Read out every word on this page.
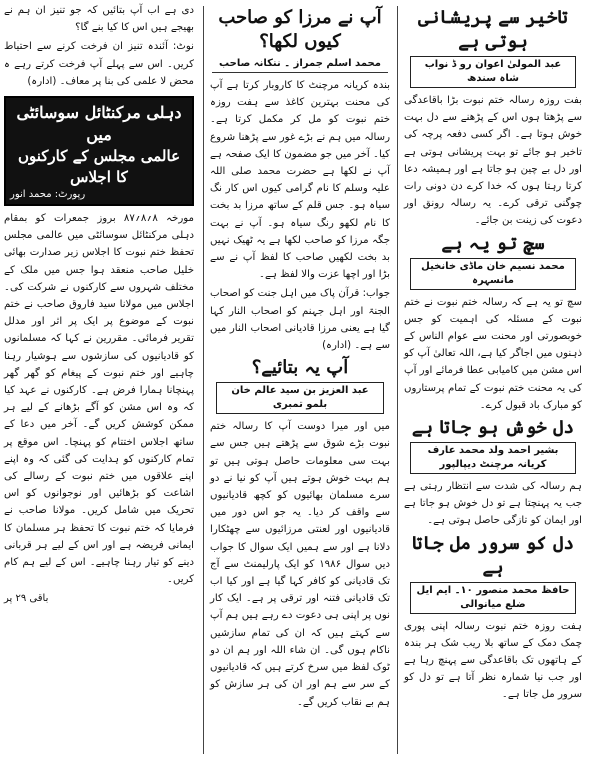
تاخیر سے پریشانی ہوتی ہے
عبد المولیٰ اعوان رو ڈ نواب شاہ سندھ

بفت روزہ رسالہ ختم نبوت بڑا باقاعدگی سے پڑھتا ہوں اس کے پڑھنے سے دل بہت خوش ہوتا ہے۔ اگر کسی دفعہ پرچہ کی تاخیر ہو جائے تو بہت پریشانی ہوتی ہے اور دل بے چین ہو جاتا ہے اور ہمیشہ دعا کرتا رہتا ہوں کہ خدا کرے دن دونی رات چوگنی ترقی کرے۔ یہ رسالہ رونق اور دعوت کی زینت بن جائے۔

سچ تو یہ ہے
محمد نسیم خان ماڈی خانخیل مانسہرہ

سچ تو یہ ہے کہ رسالہ ختم نبوت نے ختم نبوت کے مسئلہ کی اہمیت کو جس خوبصورتی اور محنت سے عوام الناس کے ذہنوں میں اجاگر کیا ہے، اللہ تعالیٰ آپ کو اس مشن میں کامیابی عطا فرمائے اور آپ کی یہ محنت ختم نبوت کے تمام پرستاروں کو مبارک باد قبول کرے۔

دل خوش ہو جاتا ہے
بشیر احمد ولد محمد عارف کریانہ مرچنٹ دیپالپور

ہم رسالہ کی شدت سے انتظار رہتی ہے جب یہ پہنچتا ہے تو دل خوش ہو جاتا ہے اور ایمان کو تازگی حاصل ہوتی ہے۔

دل کو سرور مل جاتا ہے
حافظ محمد منصور ۱۰۔ ایم ایل ضلع میانوالی

ہفت روزہ ختم نبوت رسالہ اپنی پوری چمک دمک کے ساتھ بلا ریب شک ہر بندہ کے ہاتھوں تک باقاعدگی سے پہنچ رہا ہے اور جب نیا شمارہ نظر آتا ہے تو دل کو سرور مل جاتا ہے۔

آپ نے مرزا کو صاحب کیوں لکھا؟
محمد اسلم جمراز ۔ ننکانہ صاحب

بندہ کریانہ مرچنٹ کا کاروبار کرتا ہے آپ کی محنت بہترین کاغذ سے ہفت روزہ ختم نبوت کو مل کر مکمل کرتا ہے۔ رسالہ میں ہم نے بڑے غور سے پڑھنا شروع کیا۔ آخر میں جو مضمون کا ایک صفحہ ہے آپ نے لکھا ہے حضرت محمد صلی اللہ علیہ وسلم کا نام گرامی کیوں اس کار نگ سیاہ ہو۔ جس قلم کے ساتھ مرزا بد بخت کا نام لکھو رنگ سیاہ ہو۔ آپ نے بہت جگہ مرزا کو صاحب لکھا ہے یہ ٹھیک نہیں بد بخت لکھیں صاحب کا لفظ آپ نے سے بڑا اور اچھا عزت والا لفظ ہے۔

جواب: قرآن پاک میں اہل جنت کو اصحاب الجنۃ اور اہل جہنم کو اصحاب النار کہا گیا ہے یعنی مرزا قادیانی اصحاب النار میں سے ہے۔ (ادارہ)

آپ یہ بتائیے؟
عبد العزیز بن سید عالم خان بلمو تمبری

میں اور میرا دوست آپ کا رسالہ ختم نبوت بڑے شوق سے پڑھتے ہیں جس سے بہت سی معلومات حاصل ہوتی ہیں تو ہم بہت خوش ہوتے ہیں آپ کو نیا نے دو سرے مسلمان بھائیوں کو کچھ قادیانیوں سے واقف کر دیا۔ یہ جو اس دور میں قادیانیوں اور لعنتی مرزائیوں سے چھٹکارا دلانا ہے اور سے ہمیں ایک سوال کا جواب دیں سوال ۱۹۸۶ کو ایک پارلیمنٹ سے آج تک قادیانی کو کافر کہا گیا ہے اور کیا اب تک قادیانی فتنہ اور ترقی پر ہے۔ ایک کار نوں پر اپنی ہی دعوت دے رہے ہیں ہم آپ سے کہتے ہیں کہ ان کی تمام سازشیں ناکام ہوں گی۔ ان شاء اللہ اور ہم ان دو ٹوک لفظ میں سرخ کرتے ہیں کہ قادیانیوں کے سر سے ہم اور ان کی ہر سازش کو ہم بے نقاب کریں گے۔

دی ہے اب آپ بتائیں کہ جو تنیز ان ہم نے بھیجے ہیں اس کا کیا بنے گا؟

نوٹ: آئندہ تنیز ان فرخت کرنے سے احتیاط کریں۔ اس سے پہلے آپ فرخت کرتے رہے ہ محض لا علمی کی بنا پر معاف۔ (ادارہ)

دہلی مرکنٹائل سوسائٹی میں
عالمی مجلس کے کارکنوں کا اجلاس
رپورٹ: محمد انور

مورخہ ۸؍۸؍۸۷ بروز جمعرات کو بمقام دہلی مرکنٹائل سوسائٹی میں عالمی مجلس تحفظ ختم نبوت کا اجلاس زیر صدارت بھائی خلیل صاحب منعقد ہوا جس میں ملک کے مختلف شہروں سے کارکنوں نے شرکت کی۔ اجلاس میں مولانا سید فاروق صاحب نے ختم نبوت کے موضوع پر ایک پر اثر اور مدلل تقریر فرمائی۔ مقررین نے کہا کہ مسلمانوں کو قادیانیوں کی سازشوں سے ہوشیار رہنا چاہیے اور ختم نبوت کے پیغام کو گھر گھر پہنچانا ہمارا فرض ہے۔ کارکنوں نے عہد کیا کہ وہ اس مشن کو آگے بڑھانے کے لیے ہر ممکن کوشش کریں گے۔ آخر میں دعا کے ساتھ اجلاس اختتام کو پہنچا۔ اس موقع پر تمام کارکنوں کو ہدایت کی گئی کہ وہ اپنے اپنے علاقوں میں ختم نبوت کے رسالے کی اشاعت کو بڑھائیں اور نوجوانوں کو اس تحریک میں شامل کریں۔ مولانا صاحب نے فرمایا کہ ختم نبوت کا تحفظ ہر مسلمان کا ایمانی فریضہ ہے اور اس کے لیے ہر قربانی دینے کو تیار رہنا چاہیے۔ اس کے لیے ہم کام کریں۔

باقی ۲۹ پر
